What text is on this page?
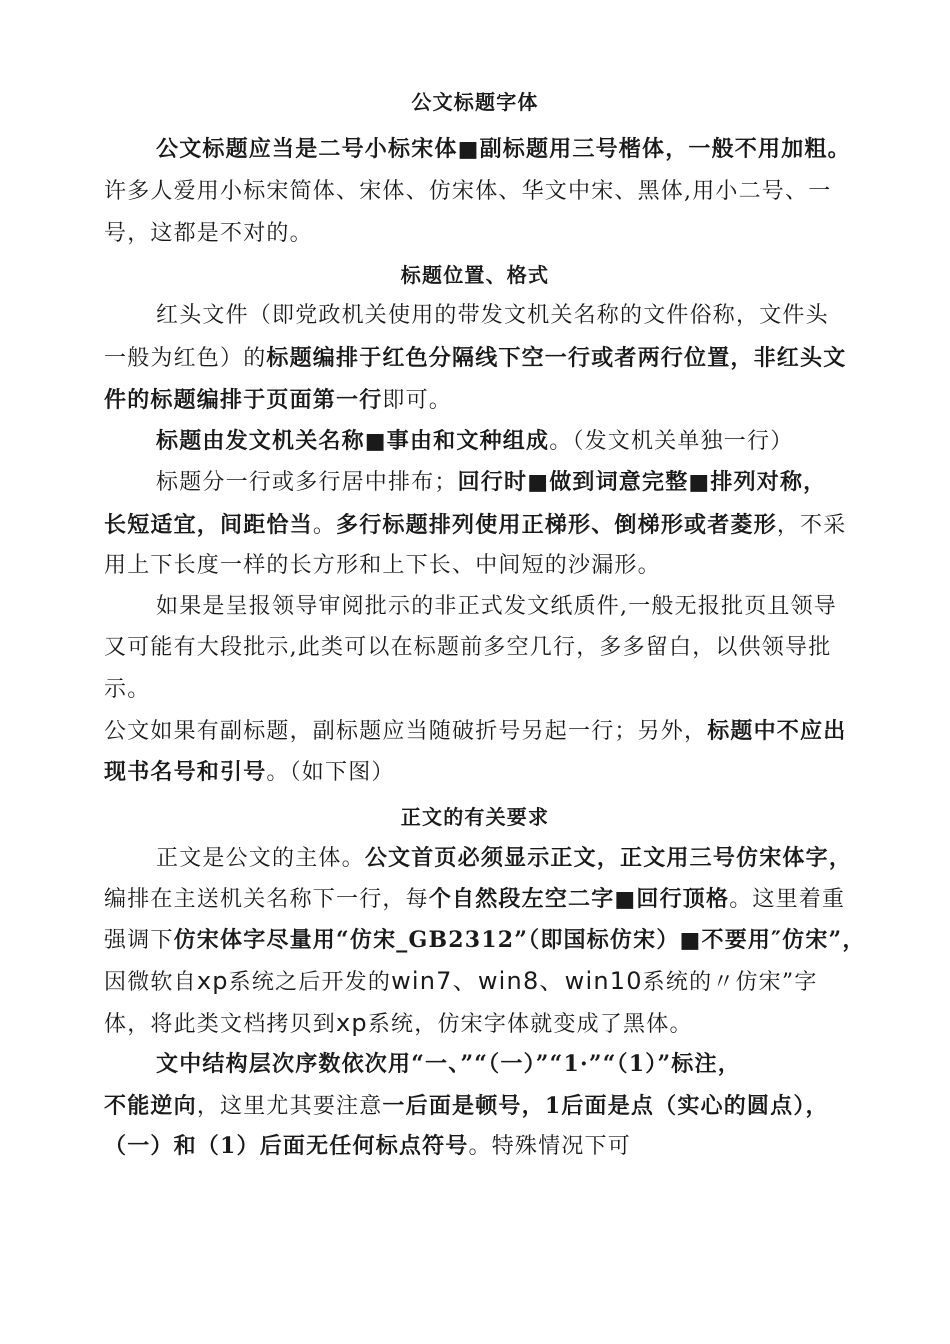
公文标题字体
公文标题应当是二号小标宋体■副标题用三号楷体，一般不用加粗。
许多人爱用小标宋简体、宋体、仿宋体、华文中宋、黑体,用小二号、一
号，这都是不对的。
标题位置、格式
红头文件（即党政机关使用的带发文机关名称的文件俗称，文件头
一般为红色）的标题编排于红色分隔线下空一行或者两行位置，非红头文
件的标题编排于页面第一行即可。
标题由发文机关名称■事由和文种组成。（发文机关单独一行）
标题分一行或多行居中排布；回行时■做到词意完整■排列对称，
长短适宜，间距恰当。多行标题排列使用正梯形、倒梯形或者菱形，不采
用上下长度一样的长方形和上下长、中间短的沙漏形。
如果是呈报领导审阅批示的非正式发文纸质件,一般无报批页且领导
又可能有大段批示,此类可以在标题前多空几行，多多留白，以供领导批
示。
公文如果有副标题，副标题应当随破折号另起一行；另外，标题中不应出
现书名号和引号。（如下图）
正文的有关要求
正文是公文的主体。公文首页必须显示正文，正文用三号仿宋体字，
编排在主送机关名称下一行，每个自然段左空二字■回行顶格。这里着重
强调下仿宋体字尽量用“仿宋_GB2312”（即国标仿宋）■不要用″仿宋”，
因微软自xp系统之后开发的win7、win8、win10系统的〃仿宋”字
体，将此类文档拷贝到xp系统，仿宋字体就变成了黑体。
文中结构层次序数依次用“一、”“（一）”“1·”“（1）”标注，
不能逆向，这里尤其要注意一后面是顿号，1后面是点（实心的圆点），
（一）和（1）后面无任何标点符号。特殊情况下可
